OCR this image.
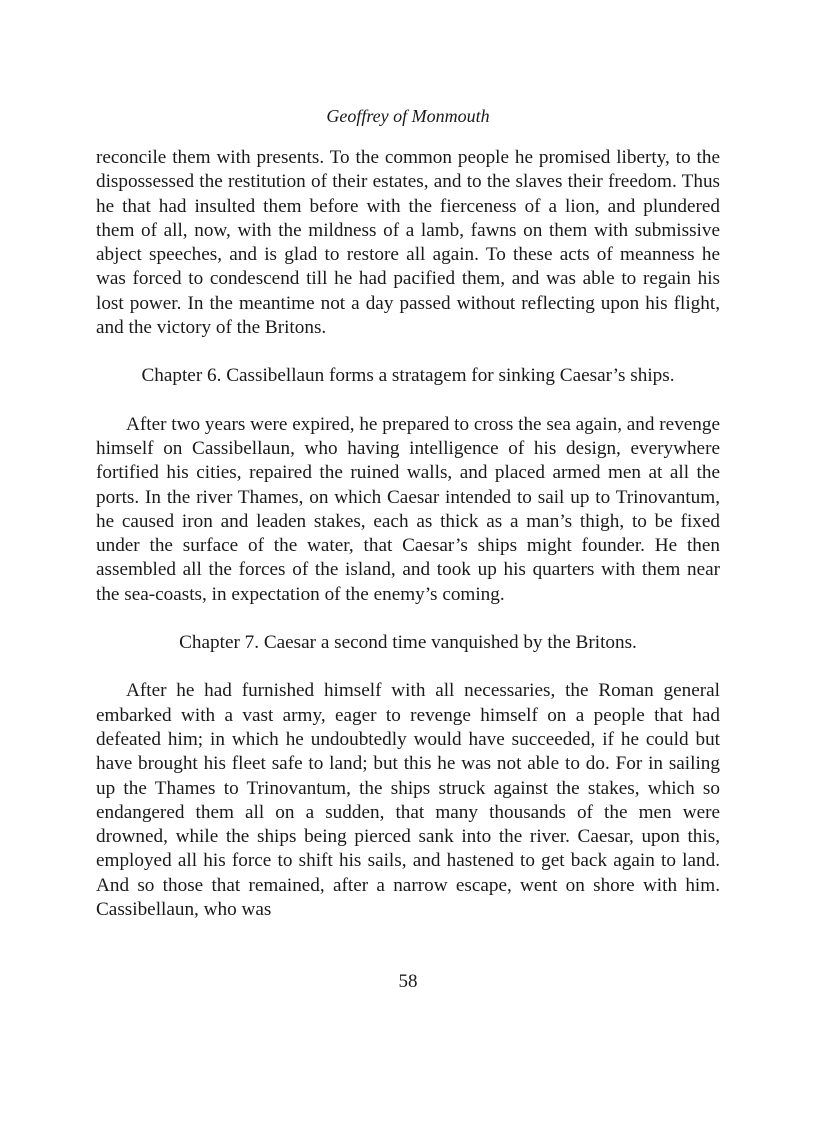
Geoffrey of Monmouth

reconcile them with presents. To the common people he promised liberty, to the dispossessed the restitution of their estates, and to the slaves their freedom. Thus he that had insulted them before with the fierceness of a lion, and plundered them of all, now, with the mildness of a lamb, fawns on them with submissive abject speeches, and is glad to restore all again. To these acts of meanness he was forced to condescend till he had pacified them, and was able to regain his lost power. In the meantime not a day passed without reflecting upon his flight, and the victory of the Britons.

Chapter 6. Cassibellaun forms a stratagem for sinking Caesar’s ships.

After two years were expired, he prepared to cross the sea again, and revenge himself on Cassibellaun, who having intelligence of his design, everywhere fortified his cities, repaired the ruined walls, and placed armed men at all the ports. In the river Thames, on which Caesar intended to sail up to Trinovantum, he caused iron and leaden stakes, each as thick as a man’s thigh, to be fixed under the surface of the water, that Caesar’s ships might founder. He then assembled all the forces of the island, and took up his quarters with them near the sea-coasts, in expectation of the enemy’s coming.

Chapter 7. Caesar a second time vanquished by the Britons.

After he had furnished himself with all necessaries, the Roman general embarked with a vast army, eager to revenge himself on a people that had defeated him; in which he undoubtedly would have succeeded, if he could but have brought his fleet safe to land; but this he was not able to do. For in sailing up the Thames to Trinovantum, the ships struck against the stakes, which so endangered them all on a sudden, that many thousands of the men were drowned, while the ships being pierced sank into the river. Caesar, upon this, employed all his force to shift his sails, and hastened to get back again to land. And so those that remained, after a narrow escape, went on shore with him. Cassibellaun, who was

58
